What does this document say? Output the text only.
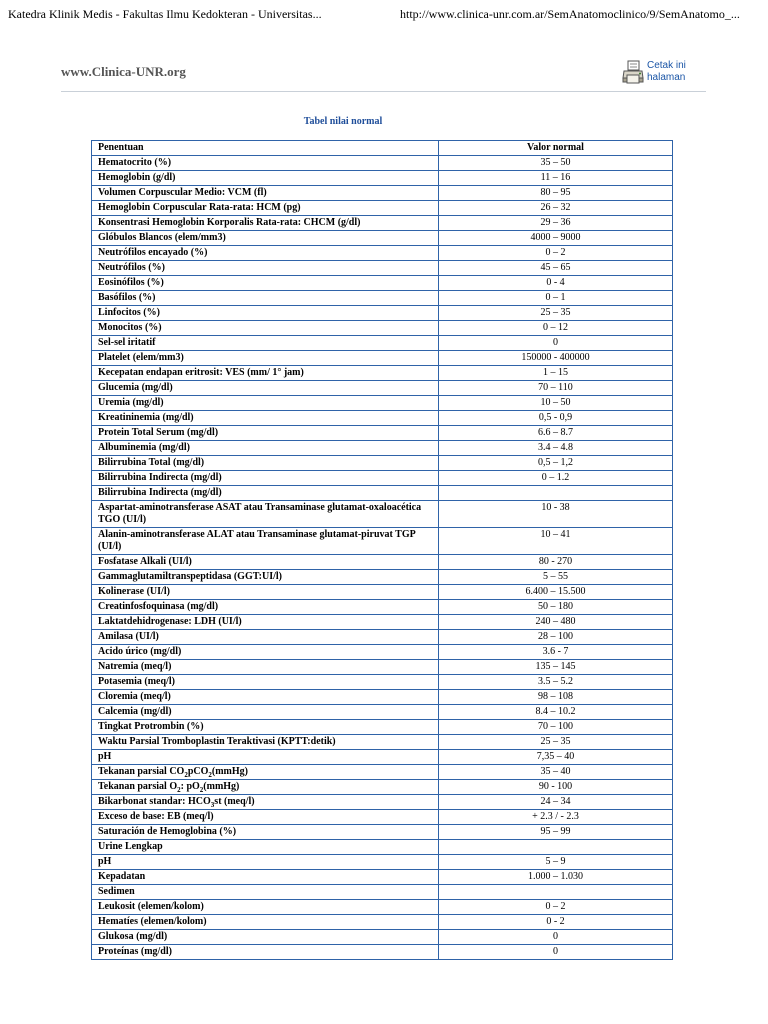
Katedra Klinik Medis - Fakultas Ilmu Kedokteran - Universitas...	http://www.clinica-unr.com.ar/SemAnatomoclinico/9/SemAnatomo_...
www.Clinica-UNR.org	Cetak ini
halaman
Tabel nilai normal
Penentuan	Valor normal
Hematocrito (%)	35 – 50
Hemoglobin (g/dl)	11 – 16
Volumen Corpuscular Medio: VCM (fl)	80 – 95
Hemoglobin Corpuscular Rata-rata: HCM (pg)	26 – 32
Konsentrasi Hemoglobin Korporalis Rata-rata: CHCM (g/dl)	29 – 36
Glóbulos Blancos (elem/mm3)	4000 – 9000
Neutrófilos encayado (%)	0 – 2
Neutrófilos (%)	45 – 65
Eosinófilos (%)	0 - 4
Basófilos (%)	0 – 1
Linfocitos (%)	25 – 35
Monocitos (%)	0 – 12
Sel-sel iritatif	0
Platelet (elem/mm3)	150000 - 400000
Kecepatan endapan eritrosit: VES (mm/ 1° jam)	1 – 15
Glucemia (mg/dl)	70 – 110
Uremia (mg/dl)	10 – 50
Kreatininemia (mg/dl)	0,5 - 0,9
Protein Total Serum (mg/dl)	6.6 – 8.7
Albuminemia (mg/dl)	3.4 – 4.8
Bilirrubina Total (mg/dl)	0,5 – 1,2
Bilirrubina Indirecta (mg/dl)	0 – 1.2
Bilirrubina Indirecta (mg/dl)	
Aspartat-aminotransferase ASAT atau Transaminase glutamat-oxaloacética TGO (UI/l)	10 - 38
Alanin-aminotransferase ALAT atau Transaminase glutamat-piruvat TGP (UI/l)	10 – 41
Fosfatase Alkali (UI/l)	80 - 270
Gammaglutamiltranspeptidasa (GGT:UI/l)	5 – 55
Kolinerase (UI/l)	6.400 – 15.500
Creatinfosfoquinasa (mg/dl)	50 – 180
Laktatdehidrogenase: LDH (UI/l)	240 – 480
Amilasa (UI/l)	28 – 100
Acido úrico (mg/dl)	3.6 - 7
Natremia (meq/l)	135 – 145
Potasemia (meq/l)	3.5 – 5.2
Cloremia (meq/l)	98 – 108
Calcemia (mg/dl)	8.4 – 10.2
Tingkat Protrombin (%)	70 – 100
Waktu Parsial Tromboplastin Teraktivasi (KPTT:detik)	25 – 35
pH	7,35 – 40
Tekanan parsial $CO_2pCO_2(mmHg)$	35 – 40
Tekanan parsial $O_2$: $pO_2(mmHg)$	90 - 100
Bikarbonat standar: $HCO_3st$ (meq/l)	24 – 34
Exceso de base: EB (meq/l)	+ 2.3 / - 2.3
Saturación de Hemoglobina (%)	95 – 99
Urine Lengkap	
pH	5 – 9
Kepadatan	1.000 – 1.030
Sedimen	
Leukosit (elemen/kolom)	0 – 2
Hematíes (elemen/kolom)	0 - 2
Glukosa (mg/dl)	0
Proteínas (mg/dl)	0
